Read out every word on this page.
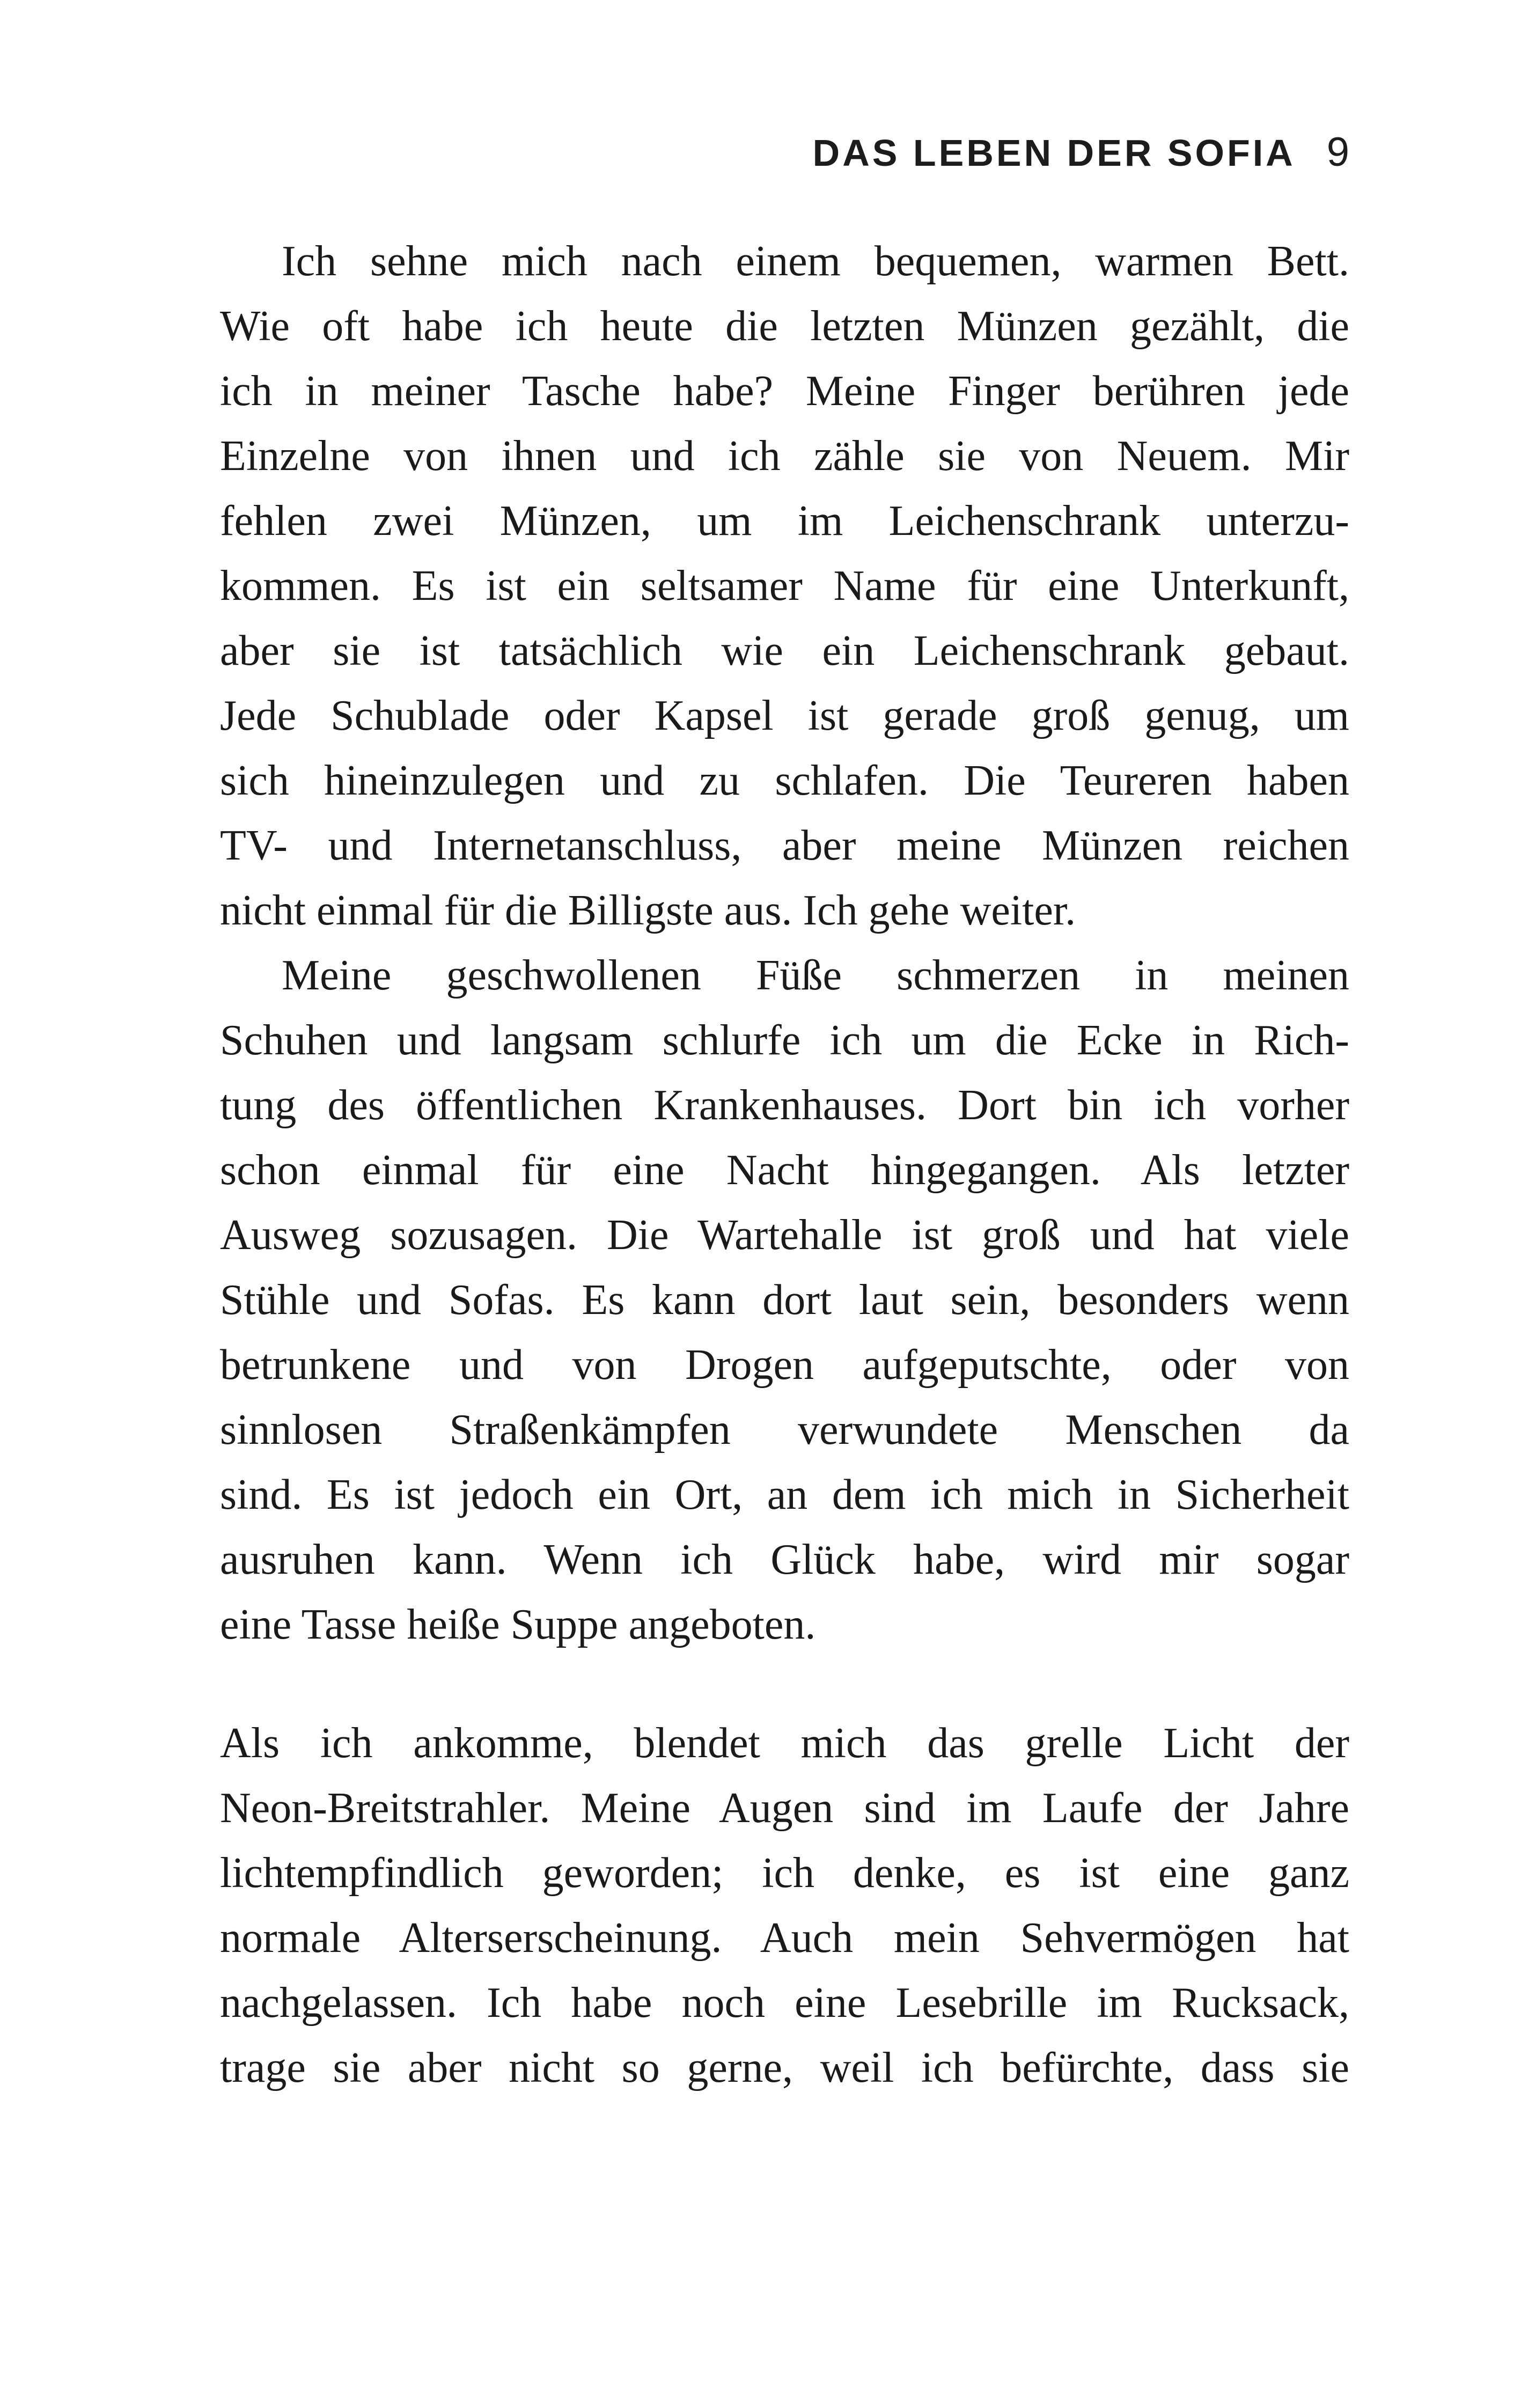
DAS LEBEN DER SOFIA 9
Ich sehne mich nach einem bequemen, warmen Bett.
Wie oft habe ich heute die letzten Münzen gezählt, die
ich in meiner Tasche habe? Meine Finger berühren jede
Einzelne von ihnen und ich zähle sie von Neuem. Mir
fehlen zwei Münzen, um im Leichenschrank unterzu-
kommen. Es ist ein seltsamer Name für eine Unterkunft,
aber sie ist tatsächlich wie ein Leichenschrank gebaut.
Jede Schublade oder Kapsel ist gerade groß genug, um
sich hineinzulegen und zu schlafen. Die Teureren haben
TV- und Internetanschluss, aber meine Münzen reichen
nicht einmal für die Billigste aus. Ich gehe weiter.
Meine geschwollenen Füße schmerzen in meinen
Schuhen und langsam schlurfe ich um die Ecke in Rich-
tung des öffentlichen Krankenhauses. Dort bin ich vorher
schon einmal für eine Nacht hingegangen. Als letzter
Ausweg sozusagen. Die Wartehalle ist groß und hat viele
Stühle und Sofas. Es kann dort laut sein, besonders wenn
betrunkene und von Drogen aufgeputschte, oder von
sinnlosen Straßenkämpfen verwundete Menschen da
sind. Es ist jedoch ein Ort, an dem ich mich in Sicherheit
ausruhen kann. Wenn ich Glück habe, wird mir sogar
eine Tasse heiße Suppe angeboten.
Als ich ankomme, blendet mich das grelle Licht der
Neon-Breitstrahler. Meine Augen sind im Laufe der Jahre
lichtempfindlich geworden; ich denke, es ist eine ganz
normale Alterserscheinung. Auch mein Sehvermögen hat
nachgelassen. Ich habe noch eine Lesebrille im Rucksack,
trage sie aber nicht so gerne, weil ich befürchte, dass sie
